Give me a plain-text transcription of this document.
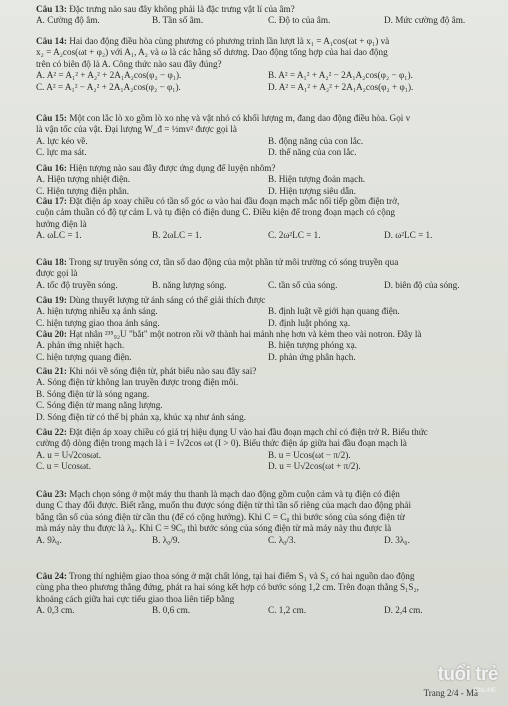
Câu 13: Đặc trưng nào sau đây không phải là đặc trưng vật lí của âm?
A. Cường độ âm.	B. Tần số âm.	C. Độ to của âm.	D. Mức cường độ âm.
Câu 14: Hai dao động điều hòa cùng phương có phương trình lần lượt là x₁ = A₁cos(ωt + φ₁) và
x₂ = A₂cos(ωt + φ₂) với A₁, A₂ và ω là các hằng số dương. Dao động tổng hợp của hai dao động
trên có biên độ là A. Công thức nào sau đây đúng?
A. A² = A₁² + A₂² + 2A₁A₂cos(φ₂ − φ₁).	B. A² = A₁² + A₂² − 2A₁A₂cos(φ₂ − φ₁).
C. A² = A₁² − A₂² + 2A₁A₂cos(φ₂ − φ₁).	D. A² = A₁² + A₂² + 2A₁A₂cos(φ₂ + φ₁).
Câu 15: Một con lắc lò xo gồm lò xo nhẹ và vật nhỏ có khối lượng m, đang dao động điều hòa. Gọi v
là vận tốc của vật. Đại lượng W_đ = ½mv² được gọi là
A. lực kéo về.	B. động năng của con lắc.
C. lực ma sát.	D. thế năng của con lắc.
Câu 16: Hiện tượng nào sau đây được ứng dụng để luyện nhôm?
A. Hiện tượng nhiệt điện.	B. Hiện tượng đoản mạch.
C. Hiện tượng điện phân.	D. Hiện tượng siêu dẫn.
Câu 17: Đặt điện áp xoay chiều có tần số góc ω vào hai đầu đoạn mạch mắc nối tiếp gồm điện trở,
cuộn cảm thuần có độ tự cảm L và tụ điện có điện dung C. Điều kiện để trong đoạn mạch có cộng
hưởng điện là
A. ωLC = 1.	B. 2ωLC = 1.	C. 2ω²LC = 1.	D. ω²LC = 1.
Câu 18: Trong sự truyền sóng cơ, tần số dao động của một phần tử môi trường có sóng truyền qua
được gọi là
A. tốc độ truyền sóng.	B. năng lượng sóng.	C. tần số của sóng.	D. biên độ của sóng.
Câu 19: Dùng thuyết lượng tử ánh sáng có thể giải thích được
A. hiện tượng nhiễu xạ ánh sáng.	B. định luật về giới hạn quang điện.
C. hiện tượng giao thoa ánh sáng.	D. định luật phóng xạ.
Câu 20: Hạt nhân ²³⁵₉₂U "bắt" một notron rồi vỡ thành hai mảnh nhẹ hơn và kèm theo vài notron. Đây là
A. phản ứng nhiệt hạch.	B. hiện tượng phóng xạ.
C. hiện tượng quang điện.	D. phản ứng phân hạch.
Câu 21: Khi nói về sóng điện từ, phát biểu nào sau đây sai?
A. Sóng điện từ không lan truyền được trong điện môi.
B. Sóng điện từ là sóng ngang.
C. Sóng điện từ mang năng lượng.
D. Sóng điện từ có thể bị phản xạ, khúc xạ như ánh sáng.
Câu 22: Đặt điện áp xoay chiều có giá trị hiệu dụng U vào hai đầu đoạn mạch chỉ có điện trở R. Biểu thức
cường độ dòng điện trong mạch là i = I√2cos ωt (I > 0). Biểu thức điện áp giữa hai đầu đoạn mạch là
A. u = U√2cosωt.	B. u = Ucos(ωt − π/2).
C. u = Ucosωt.	D. u = U√2cos(ωt + π/2).
Câu 23: Mạch chọn sóng ở một máy thu thanh là mạch dao động gồm cuộn cảm và tụ điện có điện
dung C thay đổi được. Biết rằng, muốn thu được sóng điện từ thì tần số riêng của mạch dao động phải
bằng tần số của sóng điện từ cần thu (để có cộng hưởng). Khi C = C₀ thì bước sóng của sóng điện từ
mà máy này thu được là λ₀. Khi C = 9C₀ thì bước sóng của sóng điện từ mà máy này thu được là
A. 9λ₀.	B. λ₀/9.	C. λ₀/3.	D. 3λ₀.
Câu 24: Trong thí nghiệm giao thoa sóng ở mặt chất lỏng, tại hai điểm S₁ và S₂ có hai nguồn dao động
cùng pha theo phương thẳng đứng, phát ra hai sóng kết hợp có bước sóng 1,2 cm. Trên đoạn thẳng S₁S₂,
khoảng cách giữa hai cực tiểu giao thoa liên tiếp bằng
A. 0,3 cm.	B. 0,6 cm.	C. 1,2 cm.	D. 2,4 cm.
Trang 2/4 - Mã
tuổi trẻ
ONLINE
